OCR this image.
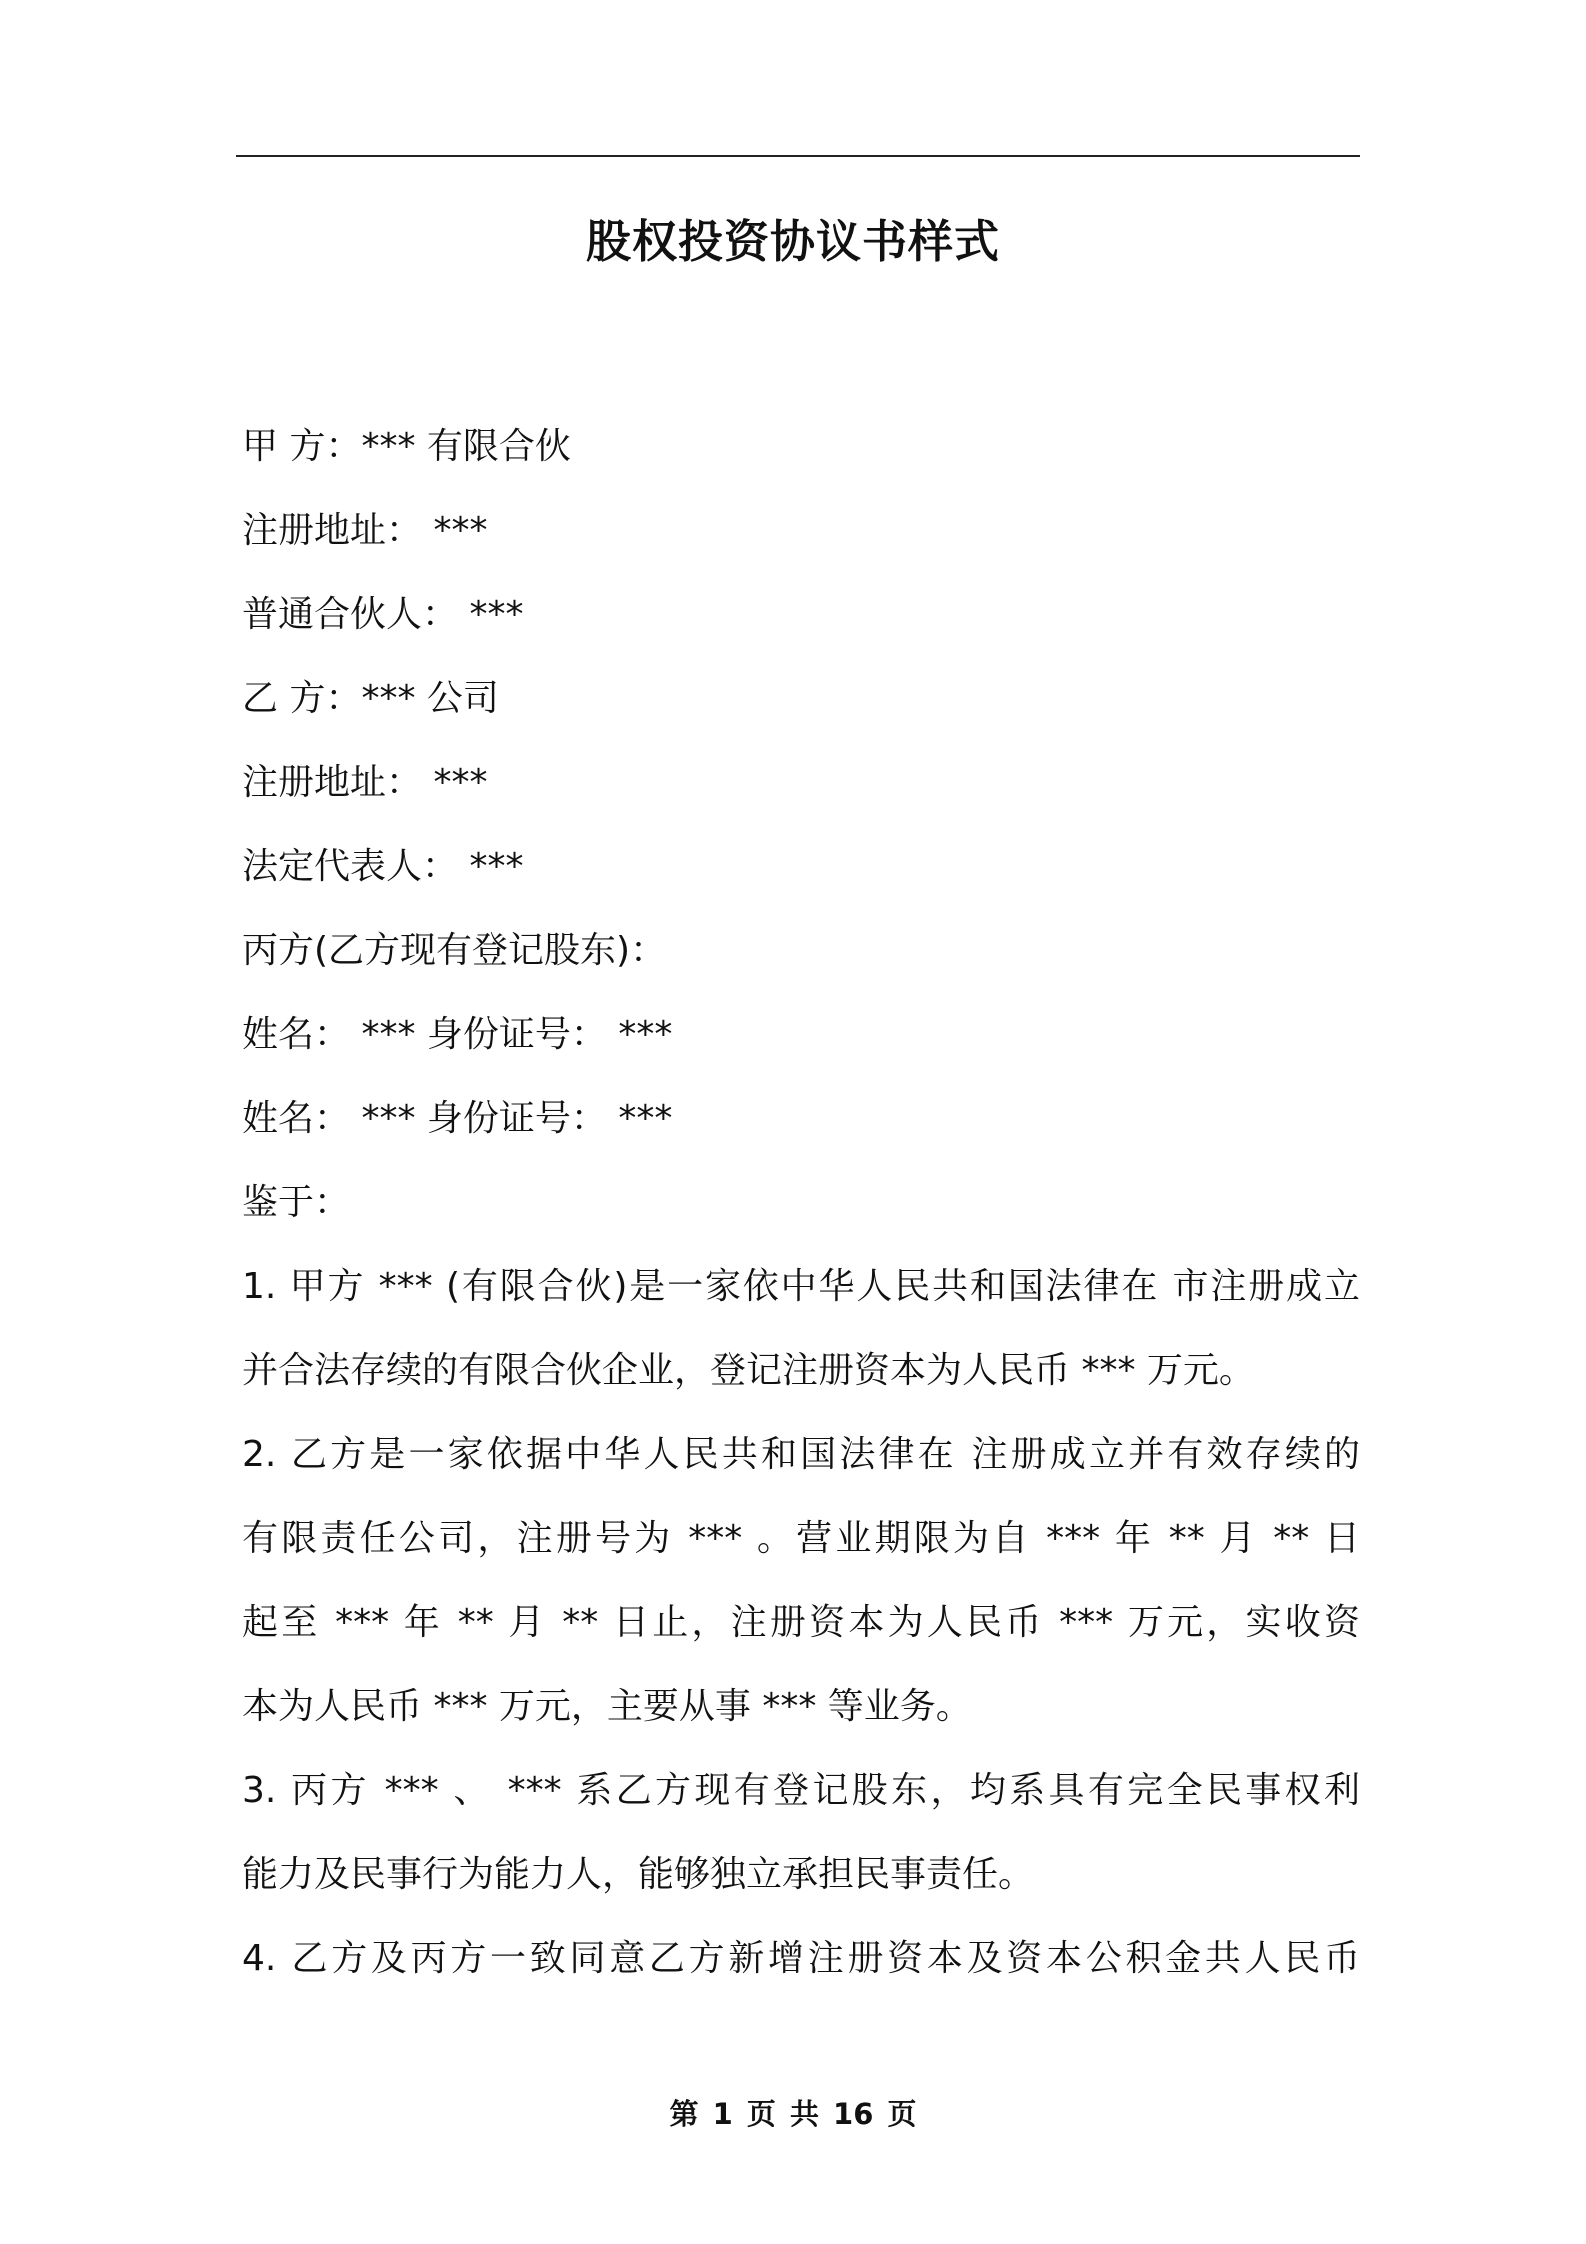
股权投资协议书样式
甲 方：*** 有限合伙
注册地址： ***
普通合伙人： ***
乙 方：*** 公司
注册地址： ***
法定代表人： ***
丙方(乙方现有登记股东)：
姓名： *** 身份证号： ***
姓名： *** 身份证号： ***
鉴于：
1. 甲方 *** (有限合伙)是一家依中华人民共和国法律在 市注册成立
并合法存续的有限合伙企业，登记注册资本为人民币 *** 万元。
2. 乙方是一家依据中华人民共和国法律在 注册成立并有效存续的
有限责任公司，注册号为 *** 。营业期限为自 *** 年 ** 月 ** 日
起至 *** 年 ** 月 ** 日止，注册资本为人民币 *** 万元，实收资
本为人民币 *** 万元，主要从事 *** 等业务。
3. 丙方 *** 、 *** 系乙方现有登记股东，均系具有完全民事权利
能力及民事行为能力人，能够独立承担民事责任。
4. 乙方及丙方一致同意乙方新增注册资本及资本公积金共人民币
第 1 页 共 16 页
